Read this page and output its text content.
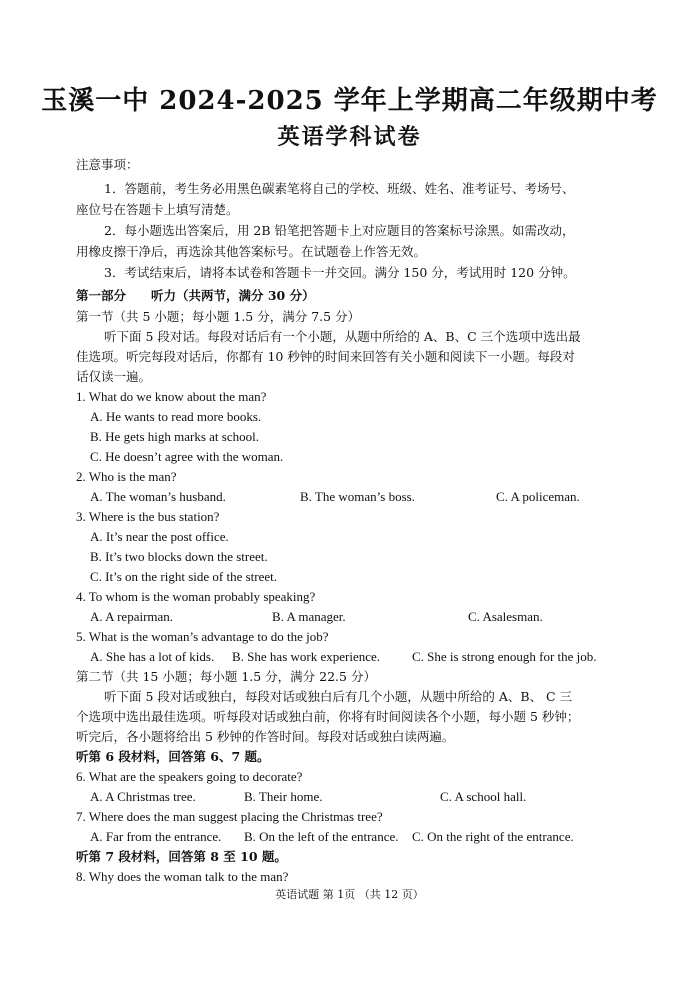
玉溪一中 2024-2025 学年上学期高二年级期中考
英语学科试卷

注意事项：

1．答题前，考生务必用黑色碳素笔将自己的学校、班级、姓名、准考证号、考场号、

座位号在答题卡上填写清楚。

2．每小题选出答案后，用 2B 铅笔把答题卡上对应题目的答案标号涂黑。如需改动，

用橡皮擦干净后，再选涂其他答案标号。在试题卷上作答无效。

3．考试结束后，请将本试卷和答题卡一并交回。满分 150 分，考试用时 120 分钟。

第一部分　　听力（共两节，满分 30 分）

第一节（共 5 小题；每小题 1.5 分，满分 7.5 分）

听下面 5 段对话。每段对话后有一个小题，从题中所给的 A、B、C 三个选项中选出最

佳选项。听完每段对话后，你都有 10 秒钟的时间来回答有关小题和阅读下一小题。每段对

话仅读一遍。

1. What do we know about the man?

A. He wants to read more books.

B. He gets high marks at school.

C. He doesn’t agree with the woman.

2. Who is the man?

A. The woman’s husband.	B. The woman’s boss.	C. A policeman.

3. Where is the bus station?

A. It’s near the post office.

B. It’s two blocks down the street.

C. It’s on the right side of the street.

4. To whom is the woman probably speaking?

A. A repairman.	B. A manager.	C. Asalesman.

5. What is the woman’s advantage to do the job?

A. She has a lot of kids. B. She has work experience. C. She is strong enough for the job.

第二节（共 15 小题；每小题 1.5 分，满分 22.5 分）

听下面 5 段对话或独白，每段对话或独白后有几个小题，从题中所给的 A、B、 C 三

个选项中选出最佳选项。听每段对话或独白前，你将有时间阅读各个小题，每小题 5 秒钟；

听完后，各小题将给出 5 秒钟的作答时间。每段对话或独白读两遍。

听第 6 段材料，回答第 6、7 题。

6. What are the speakers going to decorate?

A. A Christmas tree.	B. Their home.	C. A school hall.

7. Where does the man suggest placing the Christmas tree?

A. Far from the entrance. B. On the left of the entrance. C. On the right of the entrance.

听第 7 段材料，回答第 8 至 10 题。

8. Why does the woman talk to the man?

英语试题 第 1页 （共 12 页）
